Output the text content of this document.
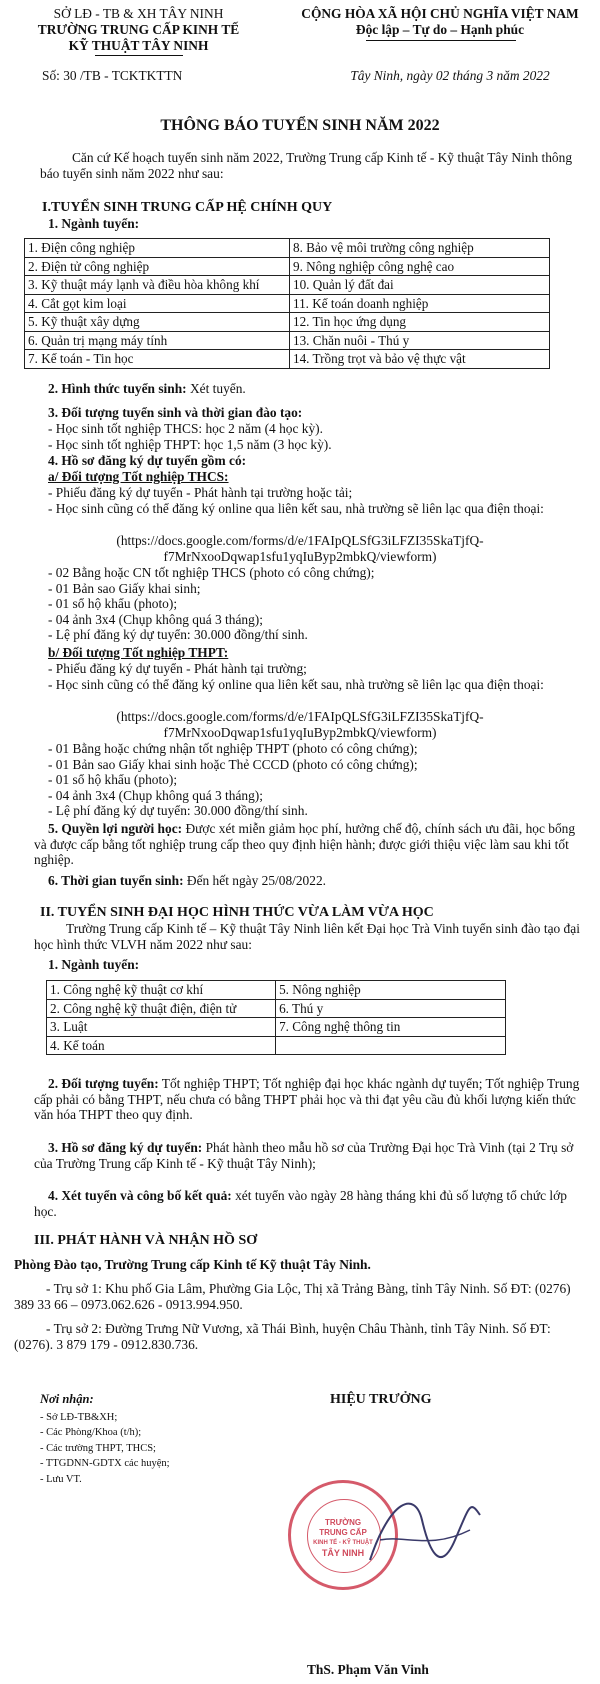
SỞ LĐ - TB & XH TÂY NINH
TRƯỜNG TRUNG CẤP KINH TẾ
KỸ THUẬT TÂY NINH
Số: 30 /TB - TCKTKTTN
CỘNG HÒA XÃ HỘI CHỦ NGHĨA VIỆT NAM
Độc lập – Tự do – Hạnh phúc
Tây Ninh, ngày 02 tháng 3 năm 2022
THÔNG BÁO TUYỂN SINH NĂM 2022
Căn cứ Kế hoạch tuyển sinh năm 2022, Trường Trung cấp Kinh tế - Kỹ thuật Tây Ninh thông báo tuyển sinh năm 2022 như sau:
I.TUYỂN SINH TRUNG CẤP HỆ CHÍNH QUY
1. Ngành tuyển:
1. Điện công nghiệp	8. Bảo vệ môi trường công nghiệp
2. Điện tử công nghiệp	9. Nông nghiệp công nghệ cao
3. Kỹ thuật máy lạnh và điều hòa không khí	10. Quản lý đất đai
4. Cắt gọt kim loại	11. Kế toán doanh nghiệp
5. Kỹ thuật xây dựng	12. Tin học ứng dụng
6. Quản trị mạng máy tính	13. Chăn nuôi - Thú y
7. Kế toán - Tin học	14. Trồng trọt và bảo vệ thực vật
2. Hình thức tuyển sinh: Xét tuyển.
3. Đối tượng tuyển sinh và thời gian đào tạo:
- Học sinh tốt nghiệp THCS: học 2 năm (4 học kỳ).
- Học sinh tốt nghiệp THPT: học 1,5 năm (3 học kỳ).
4. Hồ sơ đăng ký dự tuyển gồm có:
a/ Đối tượng Tốt nghiệp THCS:
- Phiếu đăng ký dự tuyển - Phát hành tại trường hoặc tải;
- Học sinh cũng có thể đăng ký online qua liên kết sau, nhà trường sẽ liên lạc qua điện thoại:
(https://docs.google.com/forms/d/e/1FAIpQLSfG3iLFZI35SkaTjfQ-
f7MrNxooDqwap1sfu1yqIuByp2mbkQ/viewform)
- 02 Bằng hoặc CN tốt nghiệp THCS (photo có công chứng);
- 01 Bản sao Giấy khai sinh;
- 01 sổ hộ khẩu (photo);
- 04 ảnh 3x4 (Chụp không quá 3 tháng);
- Lệ phí đăng ký dự tuyển: 30.000 đồng/thí sinh.
b/ Đối tượng Tốt nghiệp THPT:
- Phiếu đăng ký dự tuyển - Phát hành tại trường;
- Học sinh cũng có thể đăng ký online qua liên kết sau, nhà trường sẽ liên lạc qua điện thoại:
(https://docs.google.com/forms/d/e/1FAIpQLSfG3iLFZI35SkaTjfQ-
f7MrNxooDqwap1sfu1yqIuByp2mbkQ/viewform)
- 01 Bằng hoặc chứng nhận tốt nghiệp THPT (photo có công chứng);
- 01 Bản sao Giấy khai sinh hoặc Thẻ CCCD (photo có công chứng);
- 01 sổ hộ khẩu (photo);
- 04 ảnh 3x4 (Chụp không quá 3 tháng);
- Lệ phí đăng ký dự tuyển: 30.000 đồng/thí sinh.
5. Quyền lợi người học: Được xét miễn giảm học phí, hưởng chế độ, chính sách ưu đãi, học bổng và được cấp bằng tốt nghiệp trung cấp theo quy định hiện hành; được giới thiệu việc làm sau khi tốt nghiệp.
6. Thời gian tuyển sinh: Đến hết ngày 25/08/2022.
II. TUYỂN SINH ĐẠI HỌC HÌNH THỨC VỪA LÀM VỪA HỌC
Trường Trung cấp Kinh tế – Kỹ thuật Tây Ninh liên kết Đại học Trà Vinh tuyển sinh đào tạo đại học hình thức VLVH năm 2022 như sau:
1. Ngành tuyển:
1. Công nghệ kỹ thuật cơ khí	5. Nông nghiệp
2. Công nghệ kỹ thuật điện, điện tử	6. Thú y
3. Luật	7. Công nghệ thông tin
4. Kế toán	
2. Đối tượng tuyển: Tốt nghiệp THPT; Tốt nghiệp đại học khác ngành dự tuyển; Tốt nghiệp Trung cấp phải có bằng THPT, nếu chưa có bằng THPT phải học và thi đạt yêu cầu đủ khối lượng kiến thức văn hóa THPT theo quy định.
3. Hồ sơ đăng ký dự tuyển: Phát hành theo mẫu hồ sơ của Trường Đại học Trà Vinh (tại 2 Trụ sở của Trường Trung cấp Kinh tế - Kỹ thuật Tây Ninh);
4. Xét tuyển và công bố kết quả: xét tuyển vào ngày 28 hàng tháng khi đủ số lượng tổ chức lớp học.
III. PHÁT HÀNH VÀ NHẬN HỒ SƠ
Phòng Đào tạo, Trường Trung cấp Kinh tế Kỹ thuật Tây Ninh.
- Trụ sở 1: Khu phố Gia Lâm, Phường Gia Lộc, Thị xã Trảng Bàng, tỉnh Tây Ninh. Số ĐT: (0276) 389 33 66 – 0973.062.626 - 0913.994.950.
- Trụ sở 2: Đường Trưng Nữ Vương, xã Thái Bình, huyện Châu Thành, tỉnh Tây Ninh. Số ĐT: (0276). 3 879 179 - 0912.830.736.
Nơi nhận:
- Sở LĐ-TB&XH;
- Các Phòng/Khoa (t/h);
- Các trường THPT, THCS;
- TTGDNN-GDTX các huyện;
- Lưu VT.
HIỆU TRƯỞNG
TRƯỜNG
TRUNG CẤP
KINH TẾ - KỸ THUẬT
TÂY NINH
ThS. Phạm Văn Vinh
